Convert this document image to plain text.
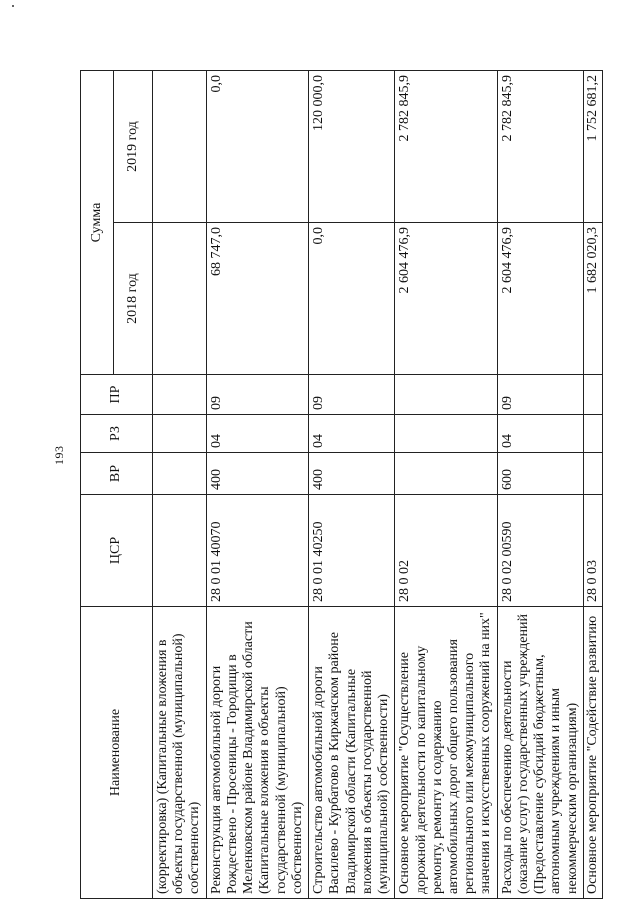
193
Наименование	ЦСР	ВР	РЗ	ПР	Сумма	
					2018 год	2019 год
(корректировка) (Капитальные вложения в объекты государственной (муниципальной) собственности)						
Реконструкция автомобильной дороги Рождествено - Просеницы - Городищи в Меленковском районе Владимирской области (Капитальные вложения в объекты государственной (муниципальной) собственности)	28 0 01 40070	400	04	09	68 747,0	0,0
Строительство автомобильной дороги Василево - Курбатово в Киржачском районе Владимирской области (Капитальные вложения в объекты государственной (муниципальной) собственности)	28 0 01 40250	400	04	09	0,0	120 000,0
Основное мероприятие "Осуществление дорожной деятельности по капитальному ремонту, ремонту и содержанию автомобильных дорог общего пользования регионального или межмуниципального значения и искусственных сооружений на них"	28 0 02				2 604 476,9	2 782 845,9
Расходы по обеспечению деятельности (оказание услуг) государственных учреждений (Предоставление субсидий бюджетным, автономным учреждениям и иным некоммерческим организациям)	28 0 02 00590	600	04	09	2 604 476,9	2 782 845,9
Основное мероприятие "Содействие развитию	28 0 03				1 682 020,3	1 752 681,2
